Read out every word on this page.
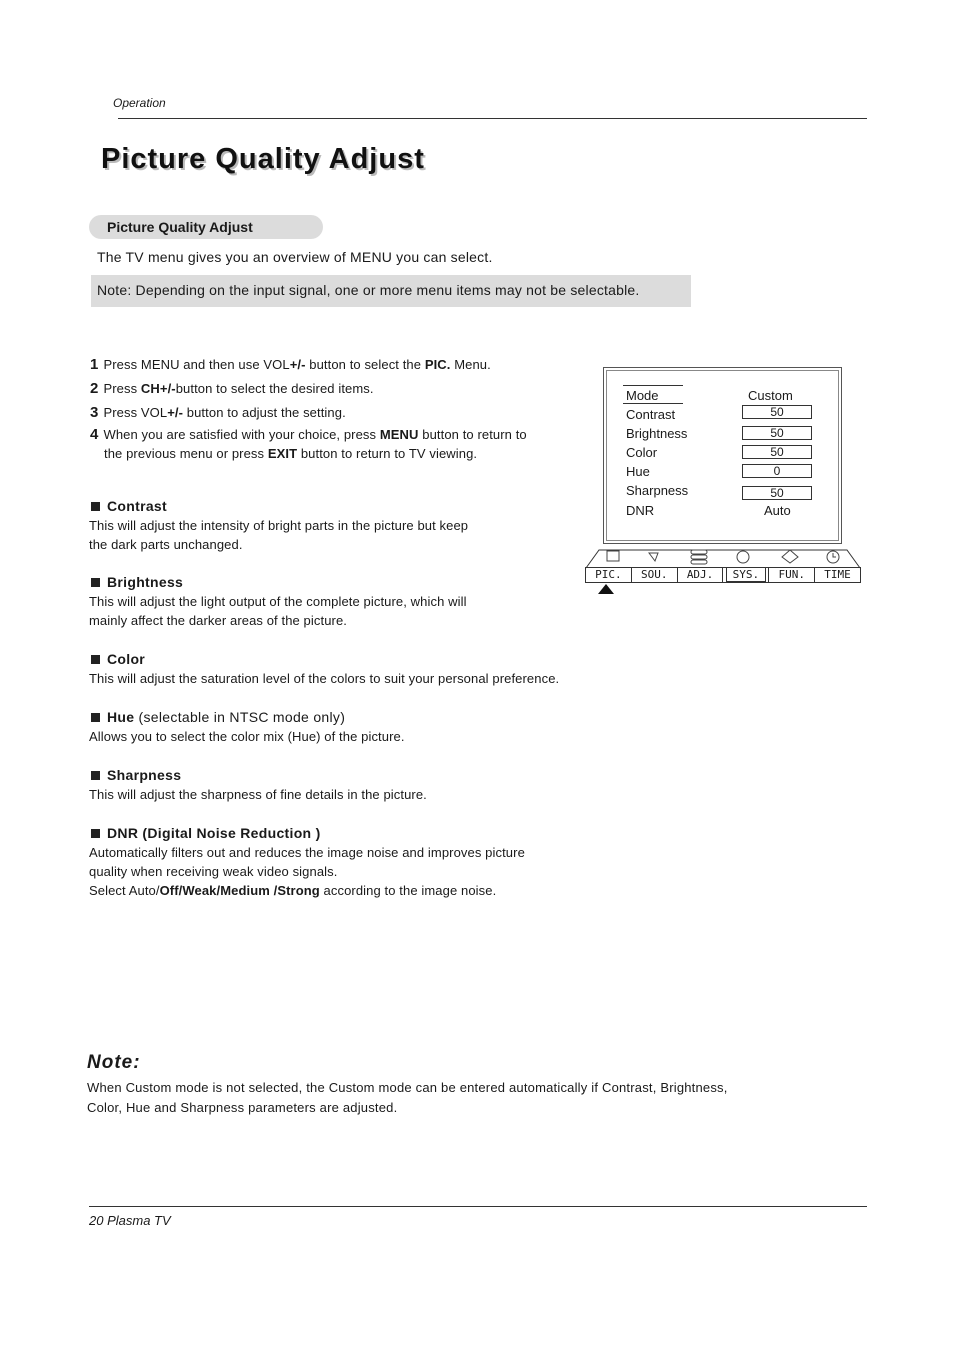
Operation
Picture Quality Adjust
Picture Quality Adjust
The TV menu gives you an overview of MENU you can select.
Note: Depending on the input signal, one or more menu items may not be selectable.
1 Press MENU and then use VOL+/- button to select the PIC. Menu.
2 Press CH+/-button to select the desired items.
3 Press VOL+/- button to adjust the setting.
4 When you are satisfied with your choice, press MENU button to return to
the previous menu or press EXIT button to return to TV viewing.
Contrast
This will adjust the intensity of bright parts in the picture but keep
the dark parts unchanged.
Brightness
This will adjust the light output of the complete picture, which will
mainly affect the darker areas of the picture.
Color
This will adjust the saturation level of the colors to suit your personal preference.
Hue (selectable in NTSC mode only)
Allows you to select the color mix (Hue) of the picture.
Sharpness
This will adjust the sharpness of fine details in the picture.
DNR (Digital Noise Reduction )
Automatically filters out and reduces the image noise and improves picture
quality when receiving weak video signals.
Select Auto/Off/Weak/Medium /Strong according to the image noise.
Mode	Custom
Contrast	50
Brightness	50
Color	50
Hue	0
Sharpness	50
DNR	Auto
PIC.	SOU.	ADJ.	SYS.	FUN.	TIME
Note:
When Custom mode is not selected, the Custom mode can be entered automatically if Contrast, Brightness,
Color, Hue and Sharpness parameters are adjusted.
20 Plasma TV
